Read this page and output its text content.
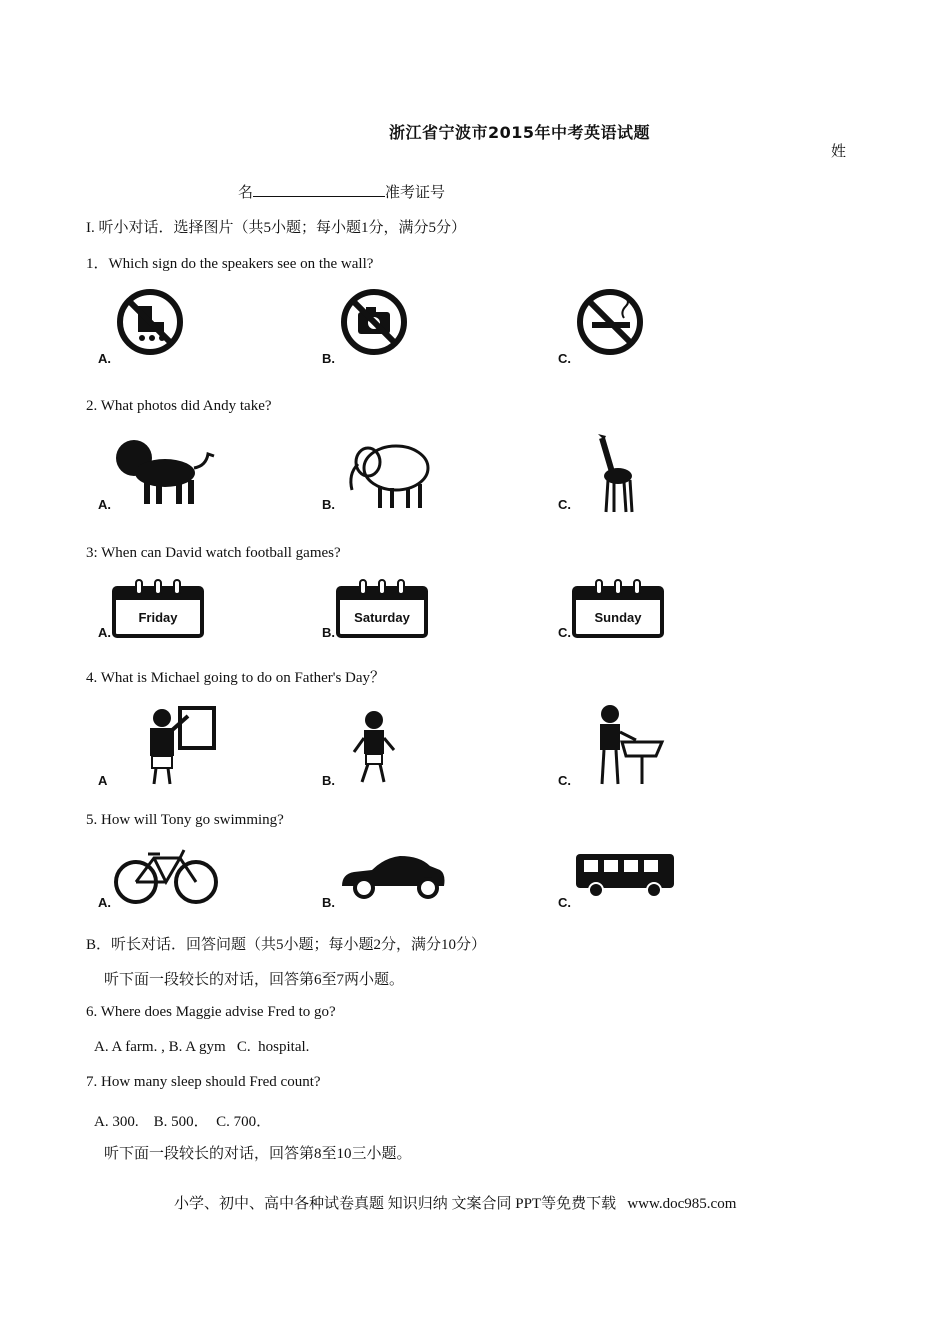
浙江省宁波市2015年中考英语试题
姓
名	准考证号
I. 听小对话．选择图片（共5小题；每小题1分，满分5分）
1．Which sign do the speakers see on the wall?
A.	B.	C.
2. What photos did Andy take?
A.	B.	C.
3: When can David watch football games?
Friday
A.
Saturday
B.
Sunday
C.
4. What is Michael going to do on Father's Day？
A	B.	C.
5. How will Tony go swimming?
A.	B.	C.
B．听长对话．回答问题（共5小题；每小题2分，满分10分）
听下面一段较长的对话，回答第6至7两小题。
6. Where does Maggie advise Fred to go?
A. A farm. , B. A gym   C.  hospital.
7. How many sleep should Fred count?
A. 300.    B. 500．  C. 700．
听下面一段较长的对话，回答第8至10三小题。
小学、初中、高中各种试卷真题 知识归纳 文案合同 PPT等免费下载   www.doc985.com
